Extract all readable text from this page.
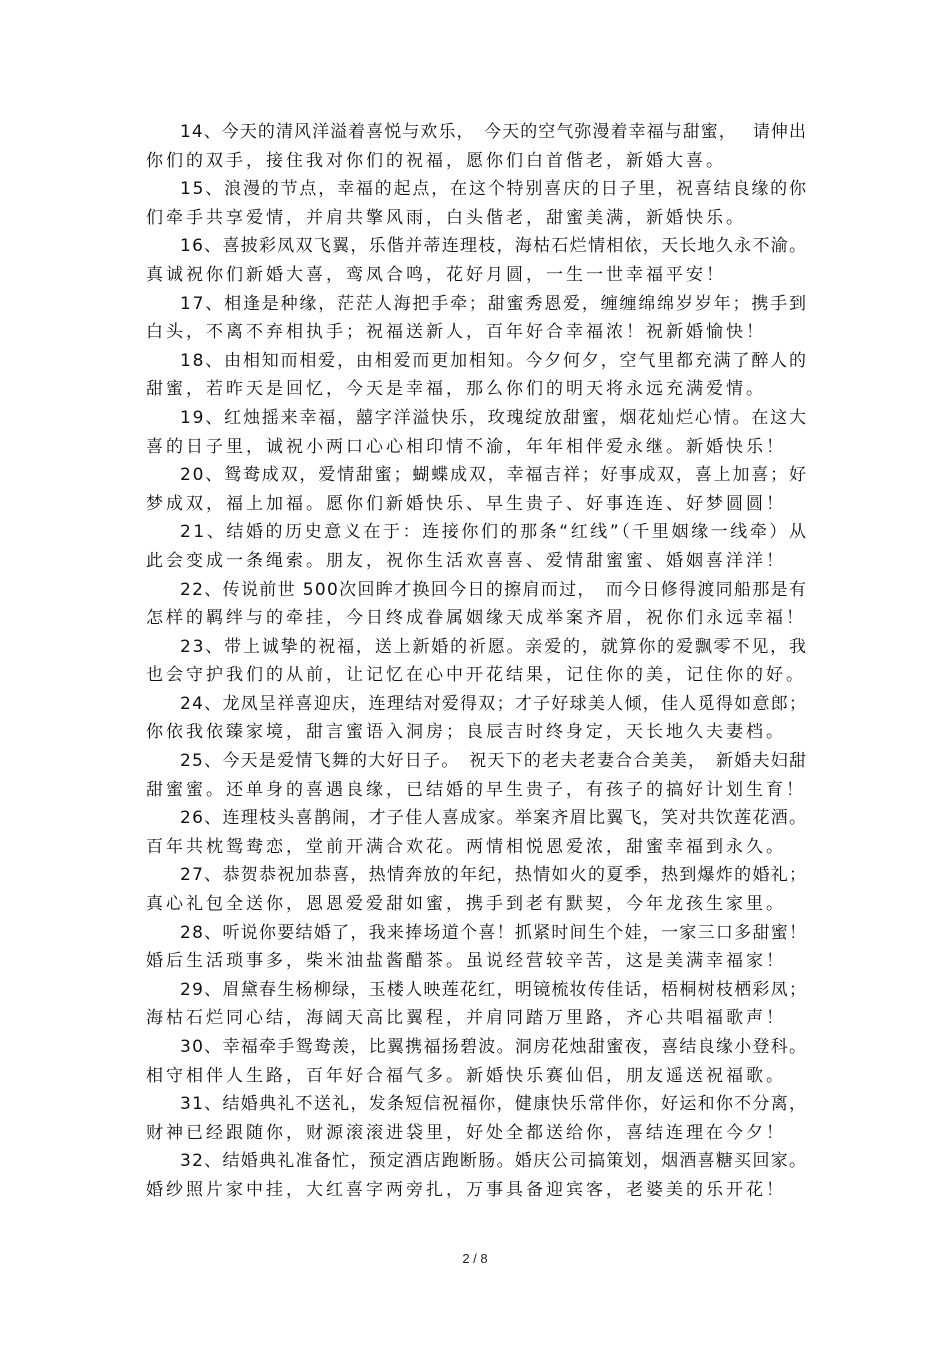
14、今天的清风洋溢着喜悦与欢乐，　今天的空气弥漫着幸福与甜蜜，　 请伸出
你们的双手，接住我对你们的祝福，愿你们白首偕老，新婚大喜。
15、浪漫的节点，幸福的起点，在这个特别喜庆的日子里，祝喜结良缘的你
们牵手共享爱情，并肩共擎风雨，白头偕老，甜蜜美满，新婚快乐。
16、喜披彩凤双飞翼，乐偕并蒂连理枝，海枯石烂情相依，天长地久永不渝。
真诚祝你们新婚大喜，鸾凤合鸣，花好月圆，一生一世幸福平安！
17、相逢是种缘，茫茫人海把手牵；甜蜜秀恩爱，缠缠绵绵岁岁年；携手到
白头，不离不弃相执手；祝福送新人，百年好合幸福浓！祝新婚愉快！
18、由相知而相爱，由相爱而更加相知。今夕何夕，空气里都充满了醉人的
甜蜜，若昨天是回忆，今天是幸福，那么你们的明天将永远充满爱情。
19、红烛摇来幸福，囍字洋溢快乐，玫瑰绽放甜蜜，烟花灿烂心情。在这大
喜的日子里，诚祝小两口心心相印情不渝，年年相伴爱永继。新婚快乐！
20、鸳鸯成双，爱情甜蜜；蝴蝶成双，幸福吉祥；好事成双，喜上加喜；好
梦成双，福上加福。愿你们新婚快乐、早生贵子、好事连连、好梦圆圆！
21、结婚的历史意义在于：连接你们的那条“红线”（千里姻缘一线牵）从
此会变成一条绳索。朋友，祝你生活欢喜喜、爱情甜蜜蜜、婚姻喜洋洋！
22、传说前世 500次回眸才换回今日的擦肩而过，　而今日修得渡同船那是有
怎样的羁绊与的牵挂，今日终成眷属姻缘天成举案齐眉，祝你们永远幸福！
23、带上诚挚的祝福，送上新婚的祈愿。亲爱的，就算你的爱飘零不见，我
也会守护我们的从前，让记忆在心中开花结果，记住你的美，记住你的好。
24、龙凤呈祥喜迎庆，连理结对爱得双；才子好球美人倾，佳人觅得如意郎；
你依我依臻家境，甜言蜜语入洞房；良辰吉时终身定，天长地久夫妻档。
25、今天是爱情飞舞的大好日子。　祝天下的老夫老妻合合美美，　新婚夫妇甜
甜蜜蜜。还单身的喜遇良缘，已结婚的早生贵子，有孩子的搞好计划生育！
26、连理枝头喜鹊闹，才子佳人喜成家。举案齐眉比翼飞，笑对共饮莲花酒。
百年共枕鸳鸯恋，堂前开满合欢花。两情相悦恩爱浓，甜蜜幸福到永久。
27、恭贺恭祝加恭喜，热情奔放的年纪，热情如火的夏季，热到爆炸的婚礼；
真心礼包全送你，恩恩爱爱甜如蜜，携手到老有默契，今年龙孩生家里。
28、听说你要结婚了，我来捧场道个喜！抓紧时间生个娃，一家三口多甜蜜！
婚后生活琐事多，柴米油盐酱醋茶。虽说经营较辛苦，这是美满幸福家！
29、眉黛春生杨柳绿，玉楼人映莲花红，明镜梳妆传佳话，梧桐树枝栖彩凤；
海枯石烂同心结，海阔天高比翼程，并肩同踏万里路，齐心共唱福歌声！
30、幸福牵手鸳鸯羡，比翼携福扬碧波。洞房花烛甜蜜夜，喜结良缘小登科。
相守相伴人生路，百年好合福气多。新婚快乐赛仙侣，朋友遥送祝福歌。
31、结婚典礼不送礼，发条短信祝福你，健康快乐常伴你，好运和你不分离，
财神已经跟随你，财源滚滚进袋里，好处全都送给你，喜结连理在今夕！
32、结婚典礼准备忙，预定酒店跑断肠。婚庆公司搞策划，烟酒喜糖买回家。
婚纱照片家中挂，大红喜字两旁扎，万事具备迎宾客，老婆美的乐开花！
2 / 8
